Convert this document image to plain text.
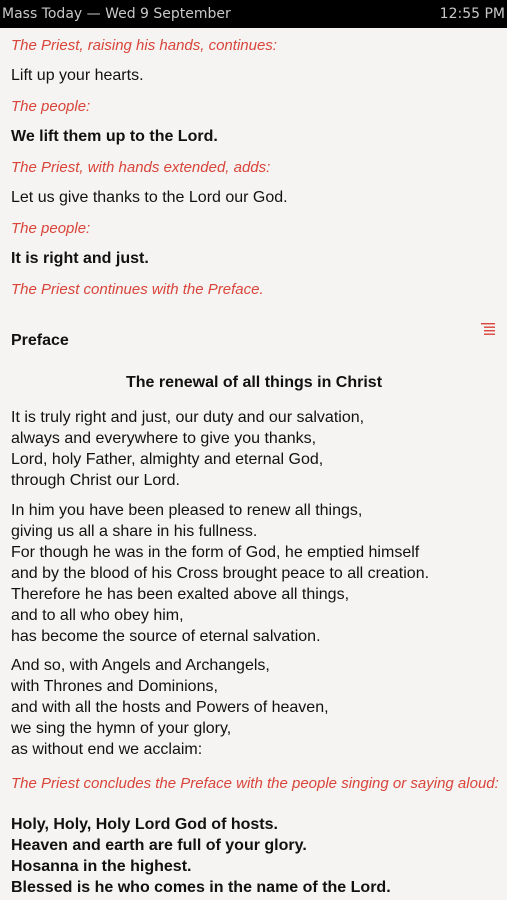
Mass Today — Wed 9 September	12:55 PM

The Priest, raising his hands, continues:

Lift up your hearts.

The people:

We lift them up to the Lord.

The Priest, with hands extended, adds:

Let us give thanks to the Lord our God.

The people:

It is right and just.

The Priest continues with the Preface.

Preface

The renewal of all things in Christ

It is truly right and just, our duty and our salvation,
always and everywhere to give you thanks,
Lord, holy Father, almighty and eternal God,
through Christ our Lord.
In him you have been pleased to renew all things,
giving us all a share in his fullness.
For though he was in the form of God, he emptied himself
and by the blood of his Cross brought peace to all creation.
Therefore he has been exalted above all things,
and to all who obey him,
has become the source of eternal salvation.
And so, with Angels and Archangels,
with Thrones and Dominions,
and with all the hosts and Powers of heaven,
we sing the hymn of your glory,
as without end we acclaim:

The Priest concludes the Preface with the people singing or saying aloud:

Holy, Holy, Holy Lord God of hosts.
Heaven and earth are full of your glory.
Hosanna in the highest.
Blessed is he who comes in the name of the Lord.
